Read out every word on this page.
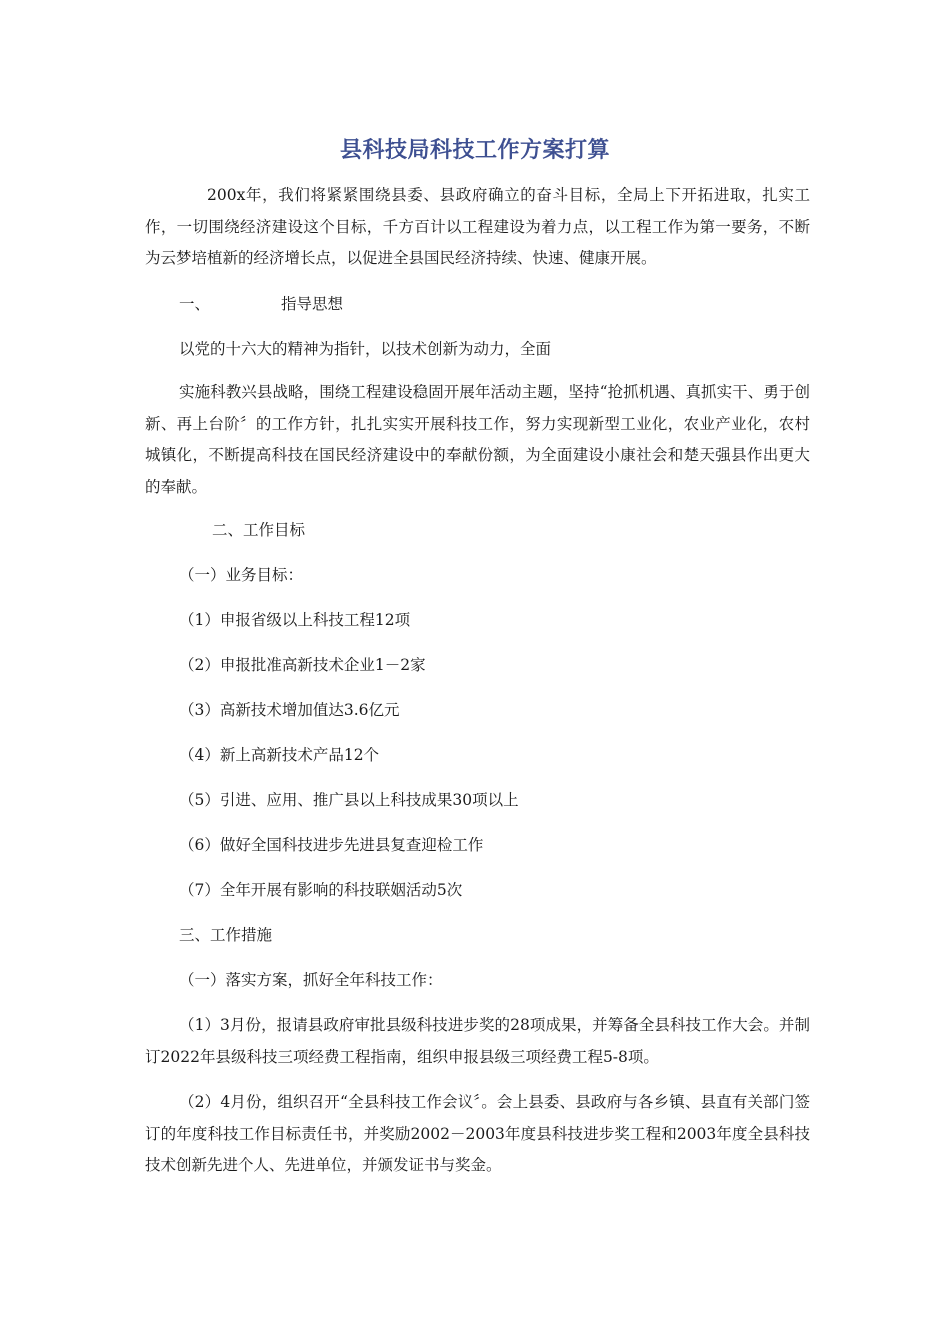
县科技局科技工作方案打算

200x年，我们将紧紧围绕县委、县政府确立的奋斗目标，全局上下开拓进取，扎实工作，一切围绕经济建设这个目标，千方百计以工程建设为着力点，以工程工作为第一要务，不断为云梦培植新的经济增长点，以促进全县国民经济持续、快速、健康开展。

一、	指导思想
以党的十六大的精神为指针，以技术创新为动力，全面

实施科教兴县战略，围绕工程建设稳固开展年活动主题，坚持“抢抓机遇、真抓实干、勇于创新、再上台阶〞的工作方针，扎扎实实开展科技工作，努力实现新型工业化，农业产业化，农村城镇化，不断提高科技在国民经济建设中的奉献份额，为全面建设小康社会和楚天强县作出更大的奉献。

二、工作目标
（一）业务目标：
（1）申报省级以上科技工程12项
（2）申报批准高新技术企业1－2家
（3）高新技术增加值达3.6亿元
（4）新上高新技术产品12个
（5）引进、应用、推广县以上科技成果30项以上
（6）做好全国科技进步先进县复查迎检工作
（7）全年开展有影响的科技联姻活动5次
三、工作措施
（一）落实方案，抓好全年科技工作：

（1）3月份，报请县政府审批县级科技进步奖的28项成果，并筹备全县科技工作大会。并制订2022年县级科技三项经费工程指南，组织申报县级三项经费工程5-8项。

（2）4月份，组织召开“全县科技工作会议〞。会上县委、县政府与各乡镇、县直有关部门签订的年度科技工作目标责任书，并奖励2002－2003年度县科技进步奖工程和2003年度全县科技技术创新先进个人、先进单位，并颁发证书与奖金。
